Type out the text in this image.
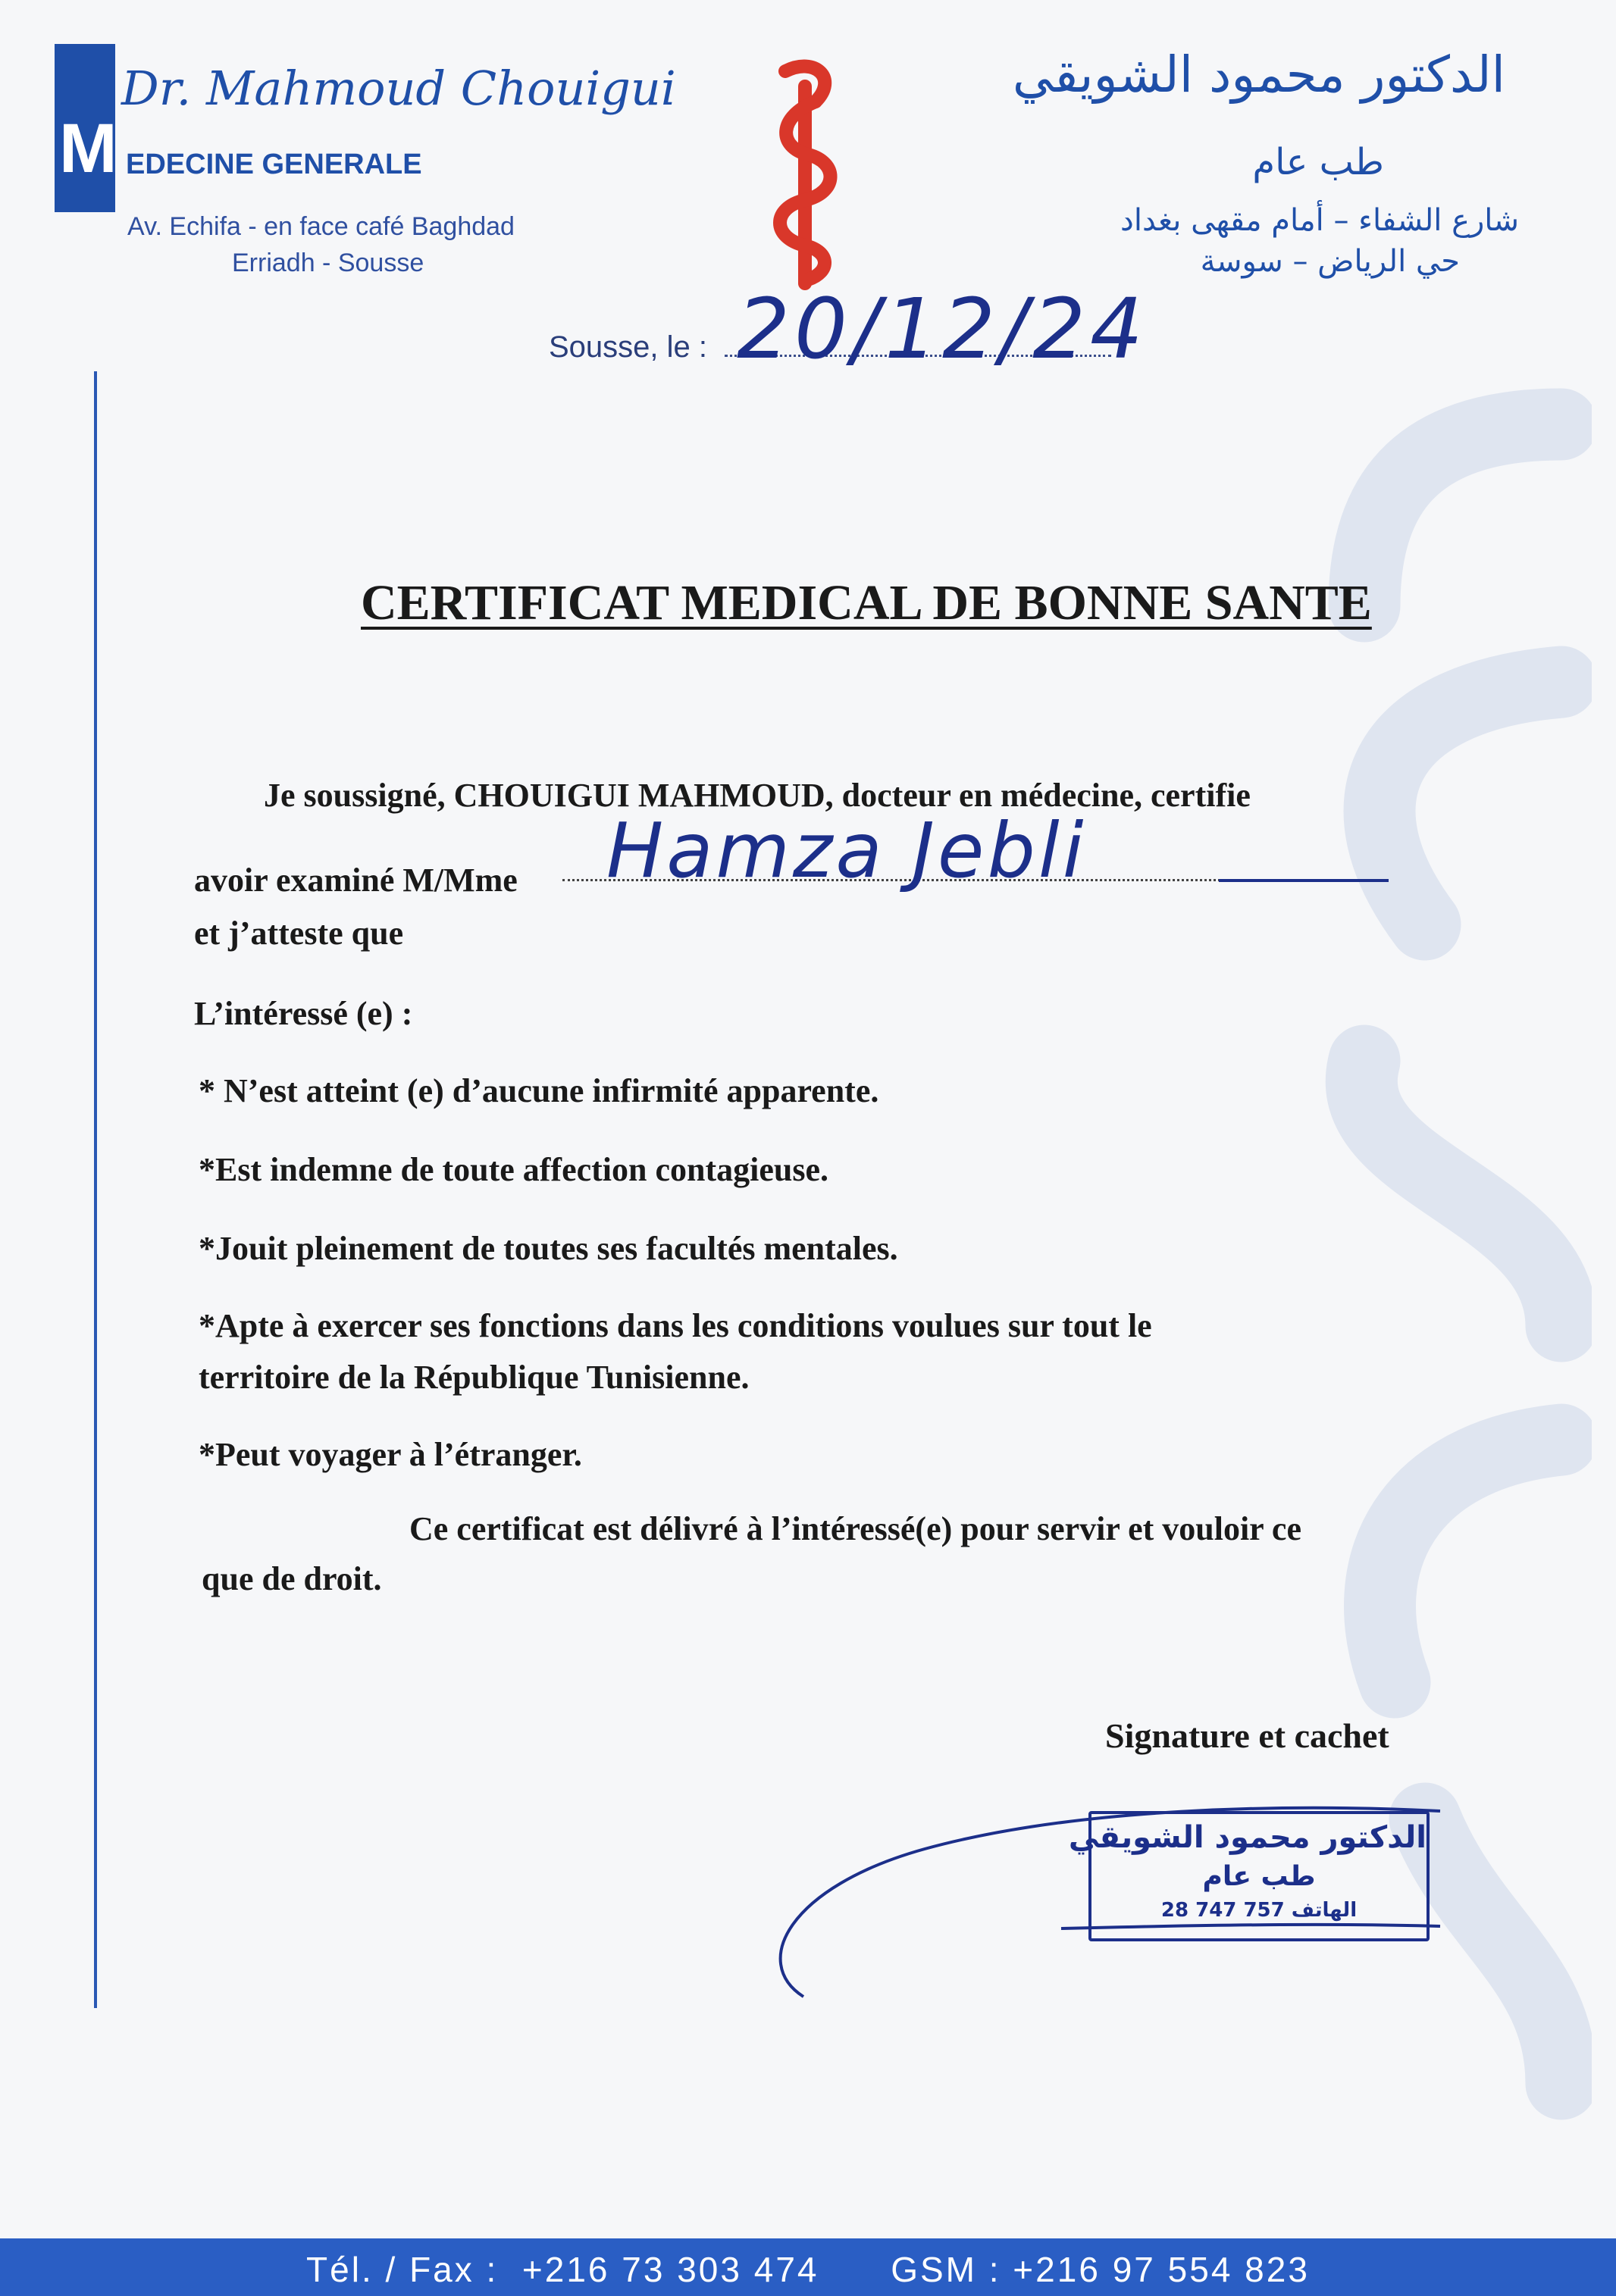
M
Dr. Mahmoud Chouigui
EDECINE GENERALE
Av. Echifa - en face café Baghdad
Erriadh - Sousse
الدكتور محمود الشويقي
طب عام
شارع الشفاء – أمام مقهى بغداد
حي الرياض – سوسة
Sousse, le : 20/12/24
CERTIFICAT MEDICAL DE BONNE SANTE
Je soussigné, CHOUIGUI MAHMOUD, docteur en médecine, certifie
avoir examiné M/Mme Hamza Jebli
et j’atteste que
L’intéressé (e) :
* N’est atteint (e) d’aucune infirmité apparente.
*Est indemne de toute affection contagieuse.
*Jouit pleinement de toutes ses facultés mentales.
*Apte à exercer ses fonctions dans les conditions voulues sur tout le
territoire de la République Tunisienne.
*Peut voyager à l’étranger.
Ce certificat est délivré à l’intéressé(e) pour servir et vouloir ce
que de droit.
Signature et cachet
الدكتور محمود الشويقي
طب عام
28 747 757 الهاتف
Tél. / Fax :  +216 73 303 474 GSM : +216 97 554 823
